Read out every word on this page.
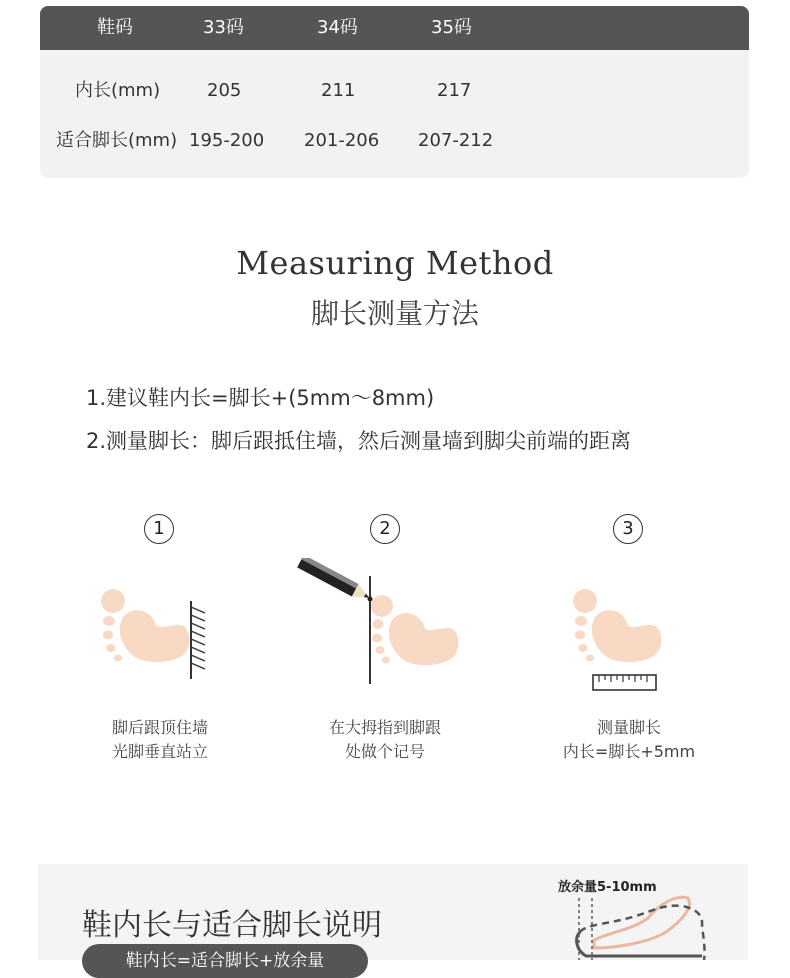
鞋码	33码	34码	35码
内长(mm)	205	211	217
适合脚长(mm) 195-200 201-206 207-212
Measuring Method
脚长测量方法
1.建议鞋内长=脚长+(5mm～8mm)
2.测量脚长：脚后跟抵住墙，然后测量墙到脚尖前端的距离
1	2	3
脚后跟顶住墙
光脚垂直站立
在大拇指到脚跟
处做个记号
测量脚长
内长=脚长+5mm
鞋内长与适合脚长说明
鞋内长=适合脚长+放余量
放余量5-10mm
